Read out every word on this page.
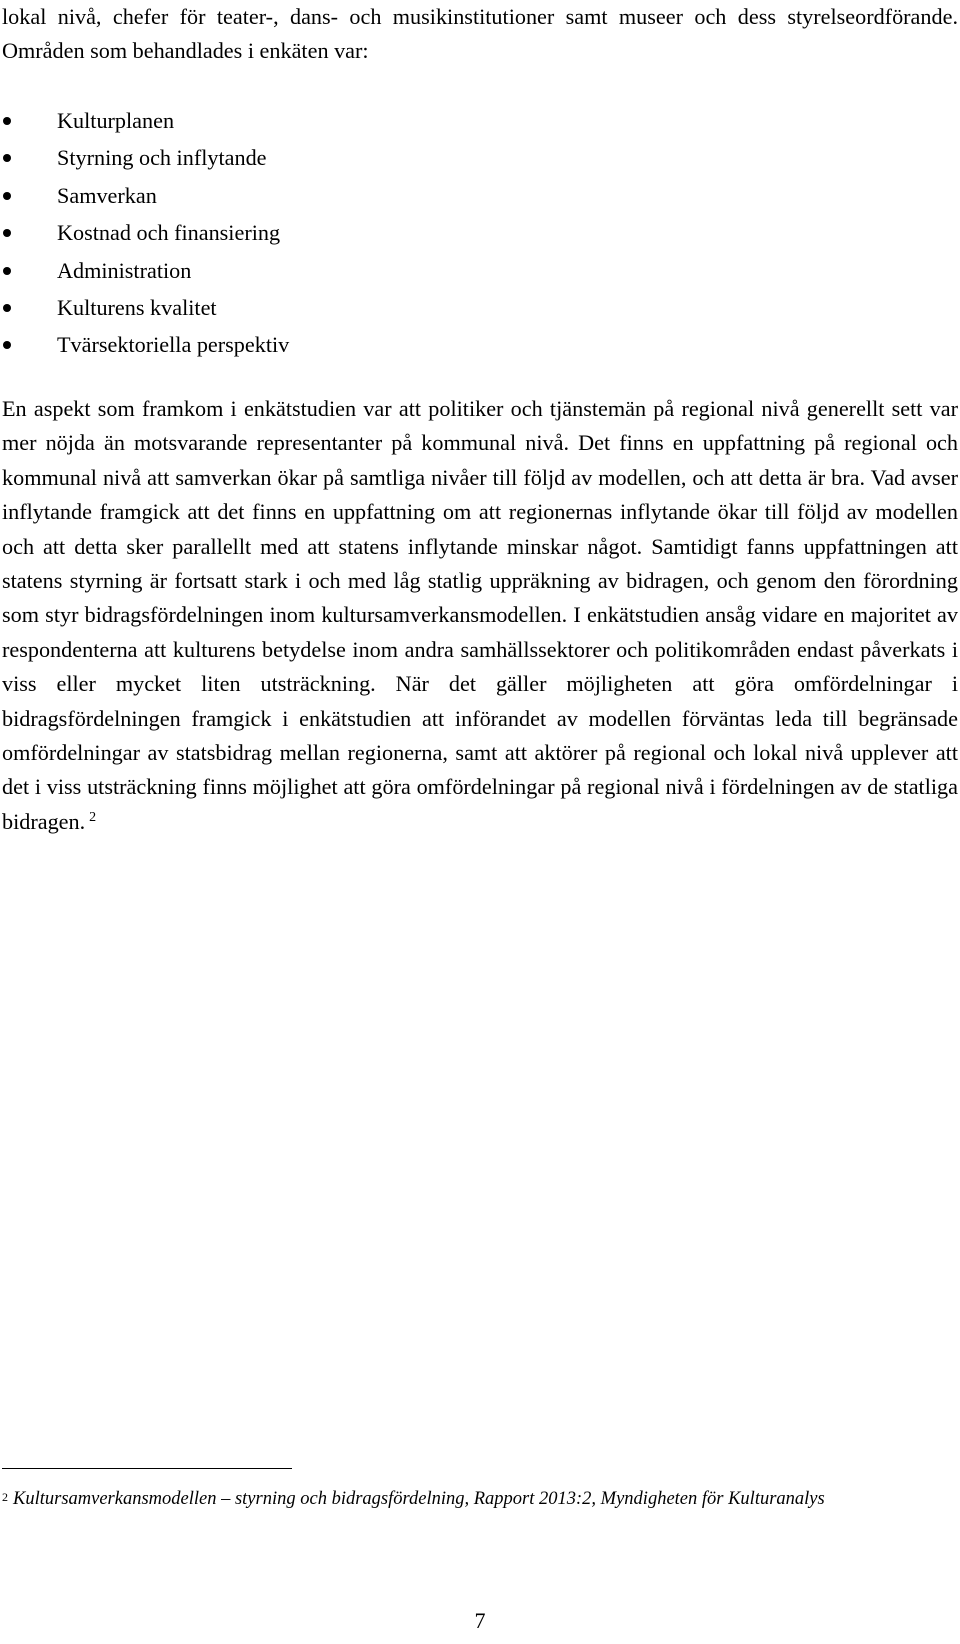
lokal nivå, chefer för teater-, dans- och musikinstitutioner samt museer och dess styrelseordförande. Områden som behandlades i enkäten var:

Kulturplanen
Styrning och inflytande
Samverkan
Kostnad och finansiering
Administration
Kulturens kvalitet
Tvärsektoriella perspektiv

En aspekt som framkom i enkätstudien var att politiker och tjänstemän på regional nivå generellt sett var mer nöjda än motsvarande representanter på kommunal nivå. Det finns en uppfattning på regional och kommunal nivå att samverkan ökar på samtliga nivåer till följd av modellen, och att detta är bra. Vad avser inflytande framgick att det finns en uppfattning om att regionernas inflytande ökar till följd av modellen och att detta sker parallellt med att statens inflytande minskar något. Samtidigt fanns uppfattningen att statens styrning är fortsatt stark i och med låg statlig uppräkning av bidragen, och genom den förordning som styr bidragsfördelningen inom kultursamverkansmodellen. I enkätstudien ansåg vidare en majoritet av respondenterna att kulturens betydelse inom andra samhällssektorer och politikområden endast påverkats i viss eller mycket liten utsträckning. När det gäller möjligheten att göra omfördelningar i bidragsfördelningen framgick i enkätstudien att införandet av modellen förväntas leda till begränsade omfördelningar av statsbidrag mellan regionerna, samt att aktörer på regional och lokal nivå upplever att det i viss utsträckning finns möjlighet att göra omfördelningar på regional nivå i fördelningen av de statliga bidragen. $^2$

$^2$ Kultursamverkansmodellen – styrning och bidragsfördelning, Rapport 2013:2, Myndigheten för Kulturanalys

7
